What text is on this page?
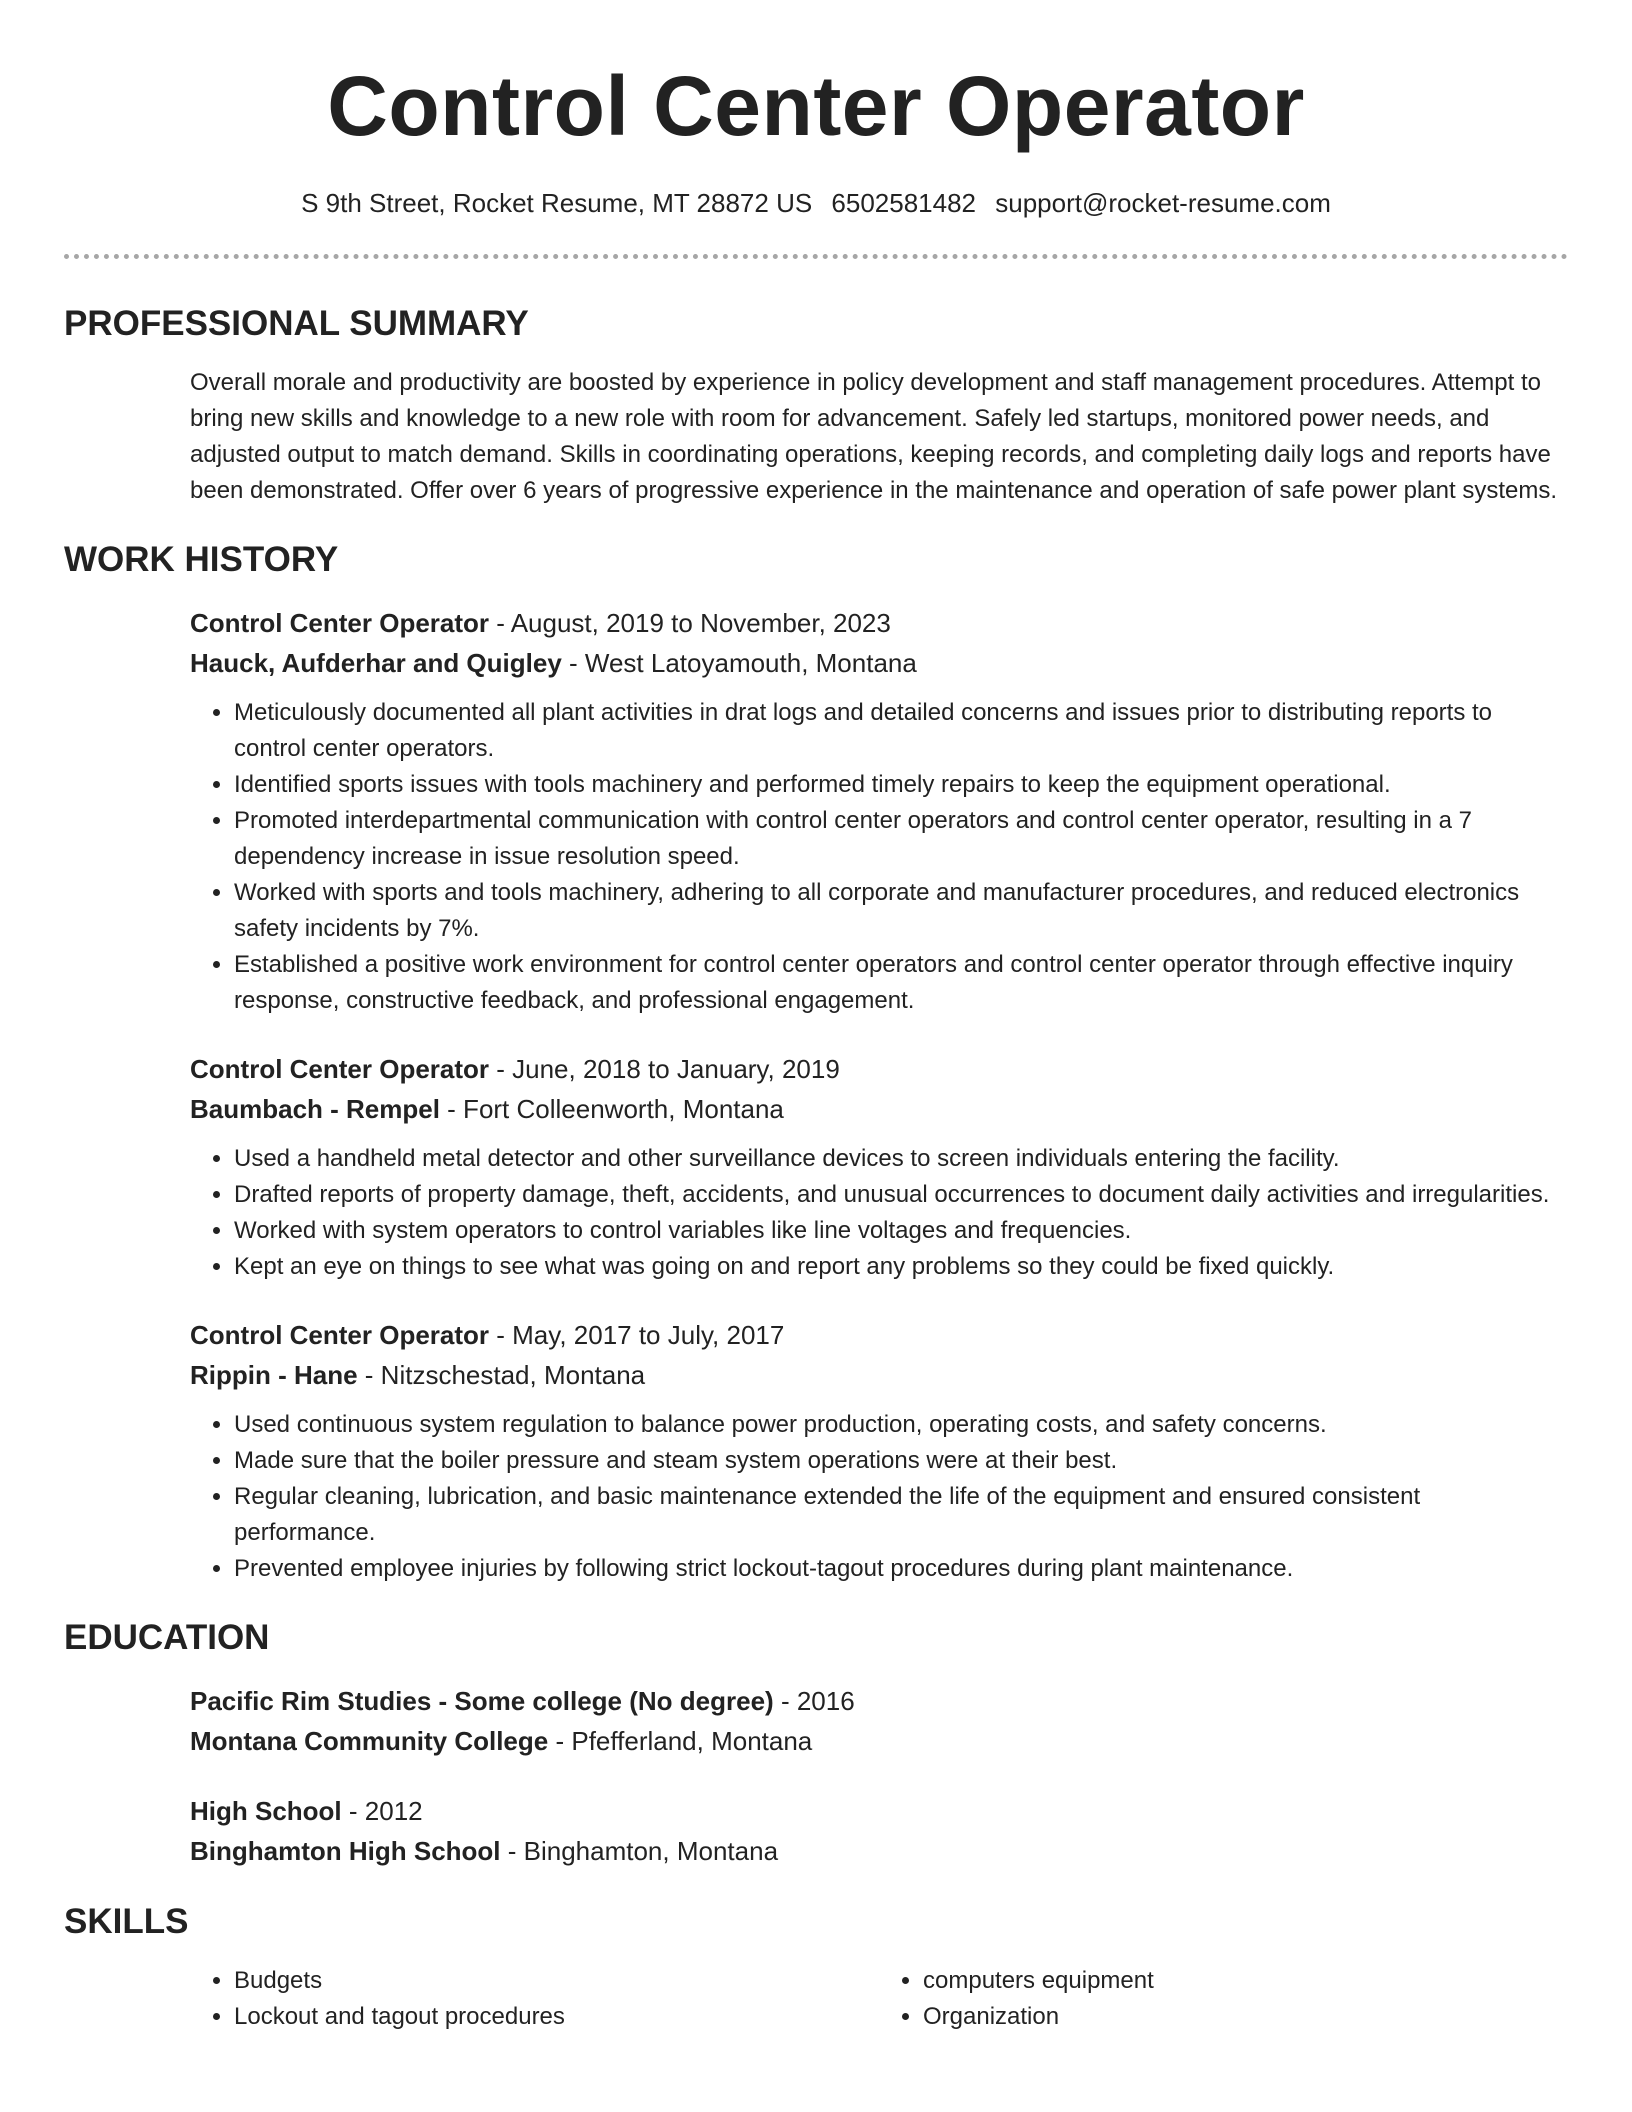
Control Center Operator
S 9th Street, Rocket Resume, MT 28872 US 6502581482 support@rocket-resume.com
PROFESSIONAL SUMMARY

Overall morale and productivity are boosted by experience in policy development and staff management procedures. Attempt to bring new skills and knowledge to a new role with room for advancement. Safely led startups, monitored power needs, and adjusted output to match demand. Skills in coordinating operations, keeping records, and completing daily logs and reports have been demonstrated. Offer over 6 years of progressive experience in the maintenance and operation of safe power plant systems.

WORK HISTORY
Control Center Operator - August, 2019 to November, 2023
Hauck, Aufderhar and Quigley - West Latoyamouth, Montana
• Meticulously documented all plant activities in drat logs and detailed concerns and issues prior to distributing reports to control center operators.
• Identified sports issues with tools machinery and performed timely repairs to keep the equipment operational.
• Promoted interdepartmental communication with control center operators and control center operator, resulting in a 7 dependency increase in issue resolution speed.
• Worked with sports and tools machinery, adhering to all corporate and manufacturer procedures, and reduced electronics safety incidents by 7%.
• Established a positive work environment for control center operators and control center operator through effective inquiry response, constructive feedback, and professional engagement.
Control Center Operator - June, 2018 to January, 2019
Baumbach - Rempel - Fort Colleenworth, Montana
• Used a handheld metal detector and other surveillance devices to screen individuals entering the facility.
• Drafted reports of property damage, theft, accidents, and unusual occurrences to document daily activities and irregularities.
• Worked with system operators to control variables like line voltages and frequencies.
• Kept an eye on things to see what was going on and report any problems so they could be fixed quickly.
Control Center Operator - May, 2017 to July, 2017
Rippin - Hane - Nitzschestad, Montana
• Used continuous system regulation to balance power production, operating costs, and safety concerns.
• Made sure that the boiler pressure and steam system operations were at their best.
• Regular cleaning, lubrication, and basic maintenance extended the life of the equipment and ensured consistent performance.
• Prevented employee injuries by following strict lockout-tagout procedures during plant maintenance.
EDUCATION
Pacific Rim Studies - Some college (No degree) - 2016
Montana Community College - Pfefferland, Montana
High School - 2012
Binghamton High School - Binghamton, Montana
SKILLS
• Budgets
• Lockout and tagout procedures
• computers equipment
• Organization
